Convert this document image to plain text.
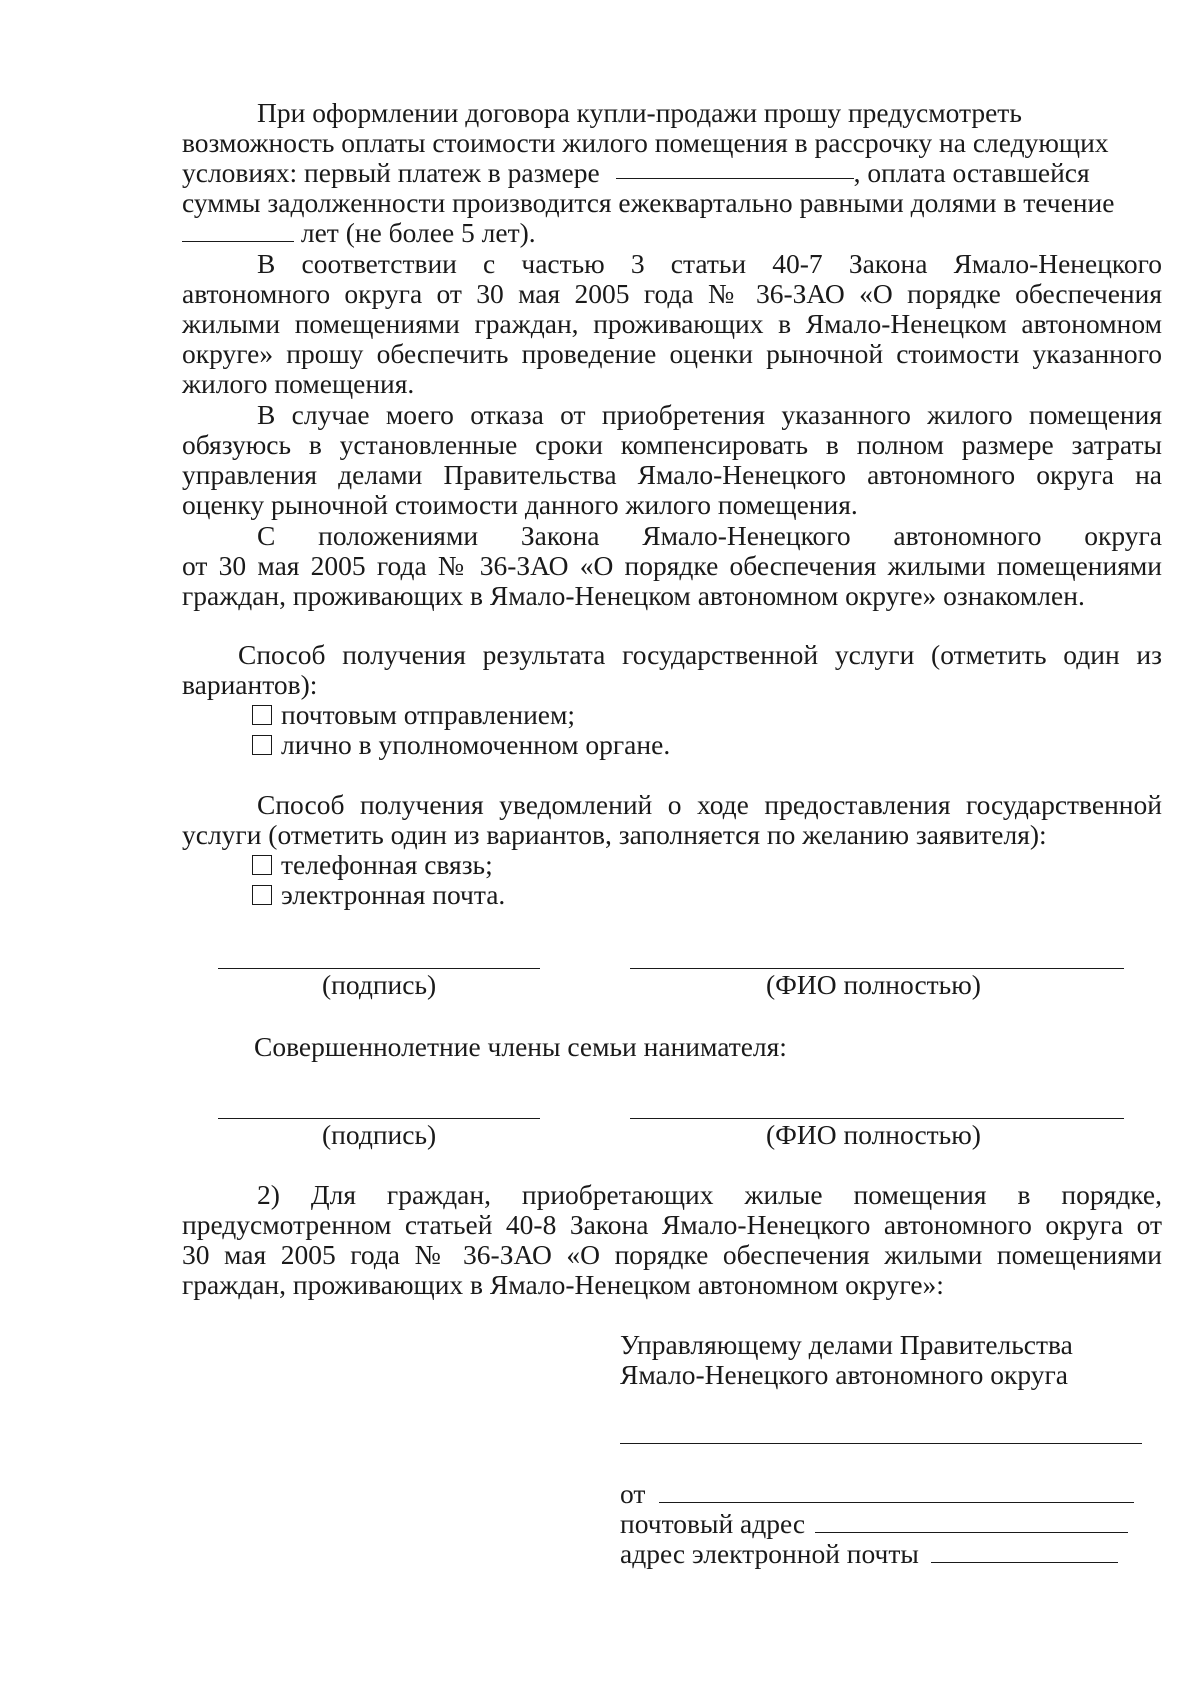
При оформлении договора купли-продажи прошу предусмотреть
возможность оплаты стоимости жилого помещения в рассрочку на следующих
условиях: первый платеж в размере	, оплата оставшейся
суммы задолженности производится ежеквартально равными долями в течение
лет (не более 5 лет).
В соответствии с частью 3 статьи 40-7 Закона Ямало-Ненецкого
автономного округа от 30 мая 2005 года № 36-ЗАО «О порядке обеспечения
жилыми помещениями граждан, проживающих в Ямало-Ненецком автономном
округе» прошу обеспечить проведение оценки рыночной стоимости указанного
жилого помещения.
В случае моего отказа от приобретения указанного жилого помещения
обязуюсь в установленные сроки компенсировать в полном размере затраты
управления делами Правительства Ямало-Ненецкого автономного округа на
оценку рыночной стоимости данного жилого помещения.
С положениями Закона Ямало-Ненецкого автономного округа
от 30 мая 2005 года № 36-ЗАО «О порядке обеспечения жилыми помещениями
граждан, проживающих в Ямало-Ненецком автономном округе» ознакомлен.
Способ получения результата государственной услуги (отметить один из
вариантов):
почтовым отправлением;
лично в уполномоченном органе.
Способ получения уведомлений о ходе предоставления государственной
услуги (отметить один из вариантов, заполняется по желанию заявителя):
телефонная связь;
электронная почта.
(подпись)	(ФИО полностью)
Совершеннолетние члены семьи нанимателя:
(подпись)	(ФИО полностью)
2) Для граждан, приобретающих жилые помещения в порядке,
предусмотренном статьей 40-8 Закона Ямало-Ненецкого автономного округа от
30 мая 2005 года № 36-ЗАО «О порядке обеспечения жилыми помещениями
граждан, проживающих в Ямало-Ненецком автономном округе»:
Управляющему делами Правительства
Ямало-Ненецкого автономного округа
от
почтовый адрес
адрес электронной почты
